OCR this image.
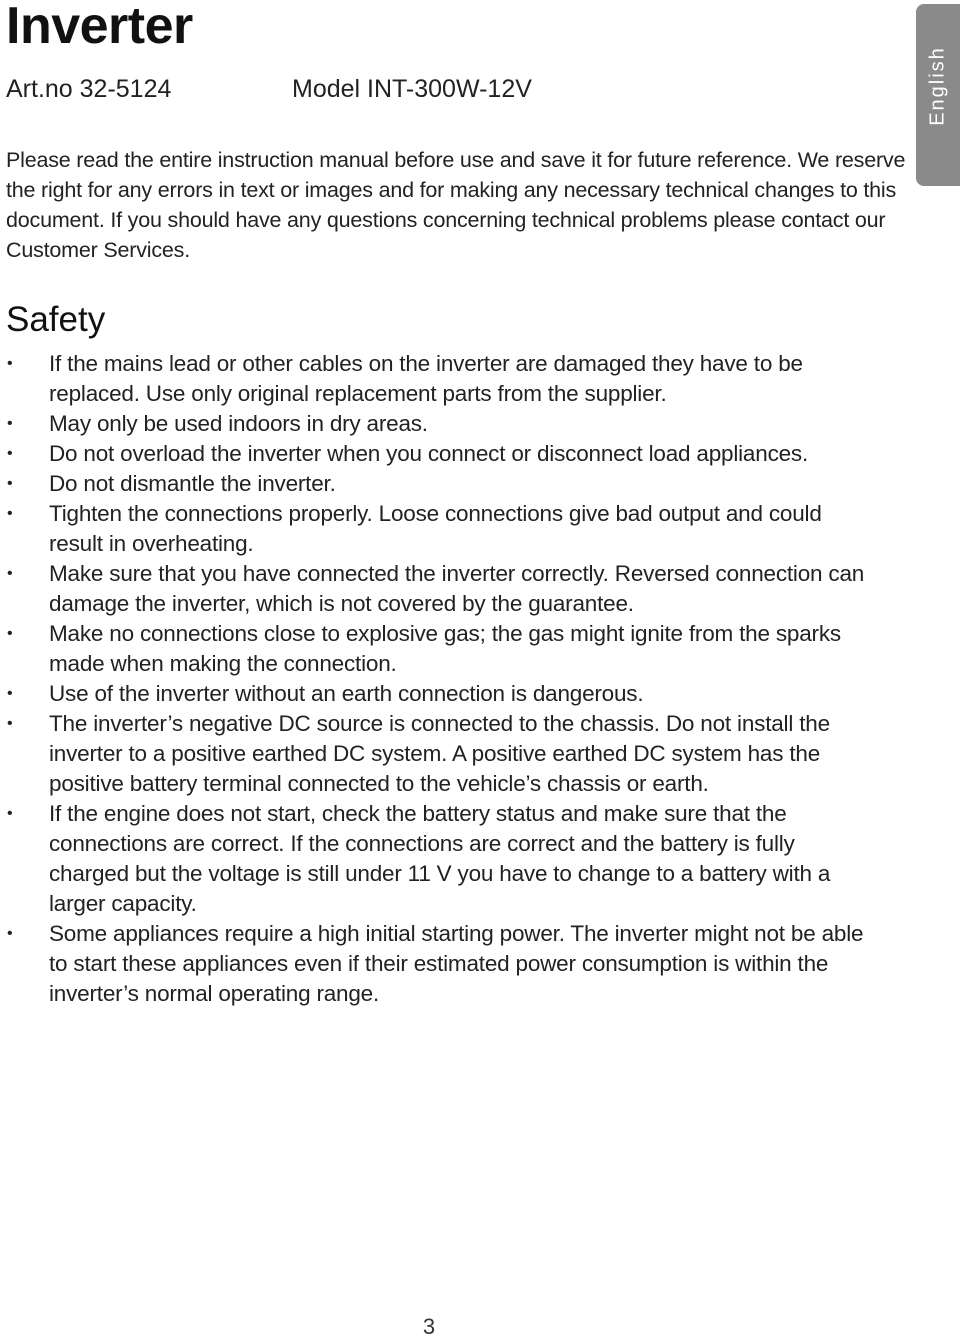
Inverter
Art.no 32-5124	Model INT-300W-12V	English

Please read the entire instruction manual before use and save it for future reference. We reserve the right for any errors in text or images and for making any necessary technical changes to this document. If you should have any questions concerning technical problems please contact our Customer Services.

Safety
• If the mains lead or other cables on the inverter are damaged they have to be replaced. Use only original replacement parts from the supplier.
• May only be used indoors in dry areas.
• Do not overload the inverter when you connect or disconnect load appliances.
• Do not dismantle the inverter.
• Tighten the connections properly. Loose connections give bad output and could result in overheating.
• Make sure that you have connected the inverter correctly. Reversed connection can damage the inverter, which is not covered by the guarantee.
• Make no connections close to explosive gas; the gas might ignite from the sparks made when making the connection.
• Use of the inverter without an earth connection is dangerous.
• The inverter’s negative DC source is connected to the chassis. Do not install the inverter to a positive earthed DC system. A positive earthed DC system has the positive battery terminal connected to the vehicle’s chassis or earth.
• If the engine does not start, check the battery status and make sure that the connections are correct. If the connections are correct and the battery is fully charged but the voltage is still under 11 V you have to change to a battery with a larger capacity.
• Some appliances require a high initial starting power. The inverter might not be able to start these appliances even if their estimated power consumption is within the inverter’s normal operating range.
3
